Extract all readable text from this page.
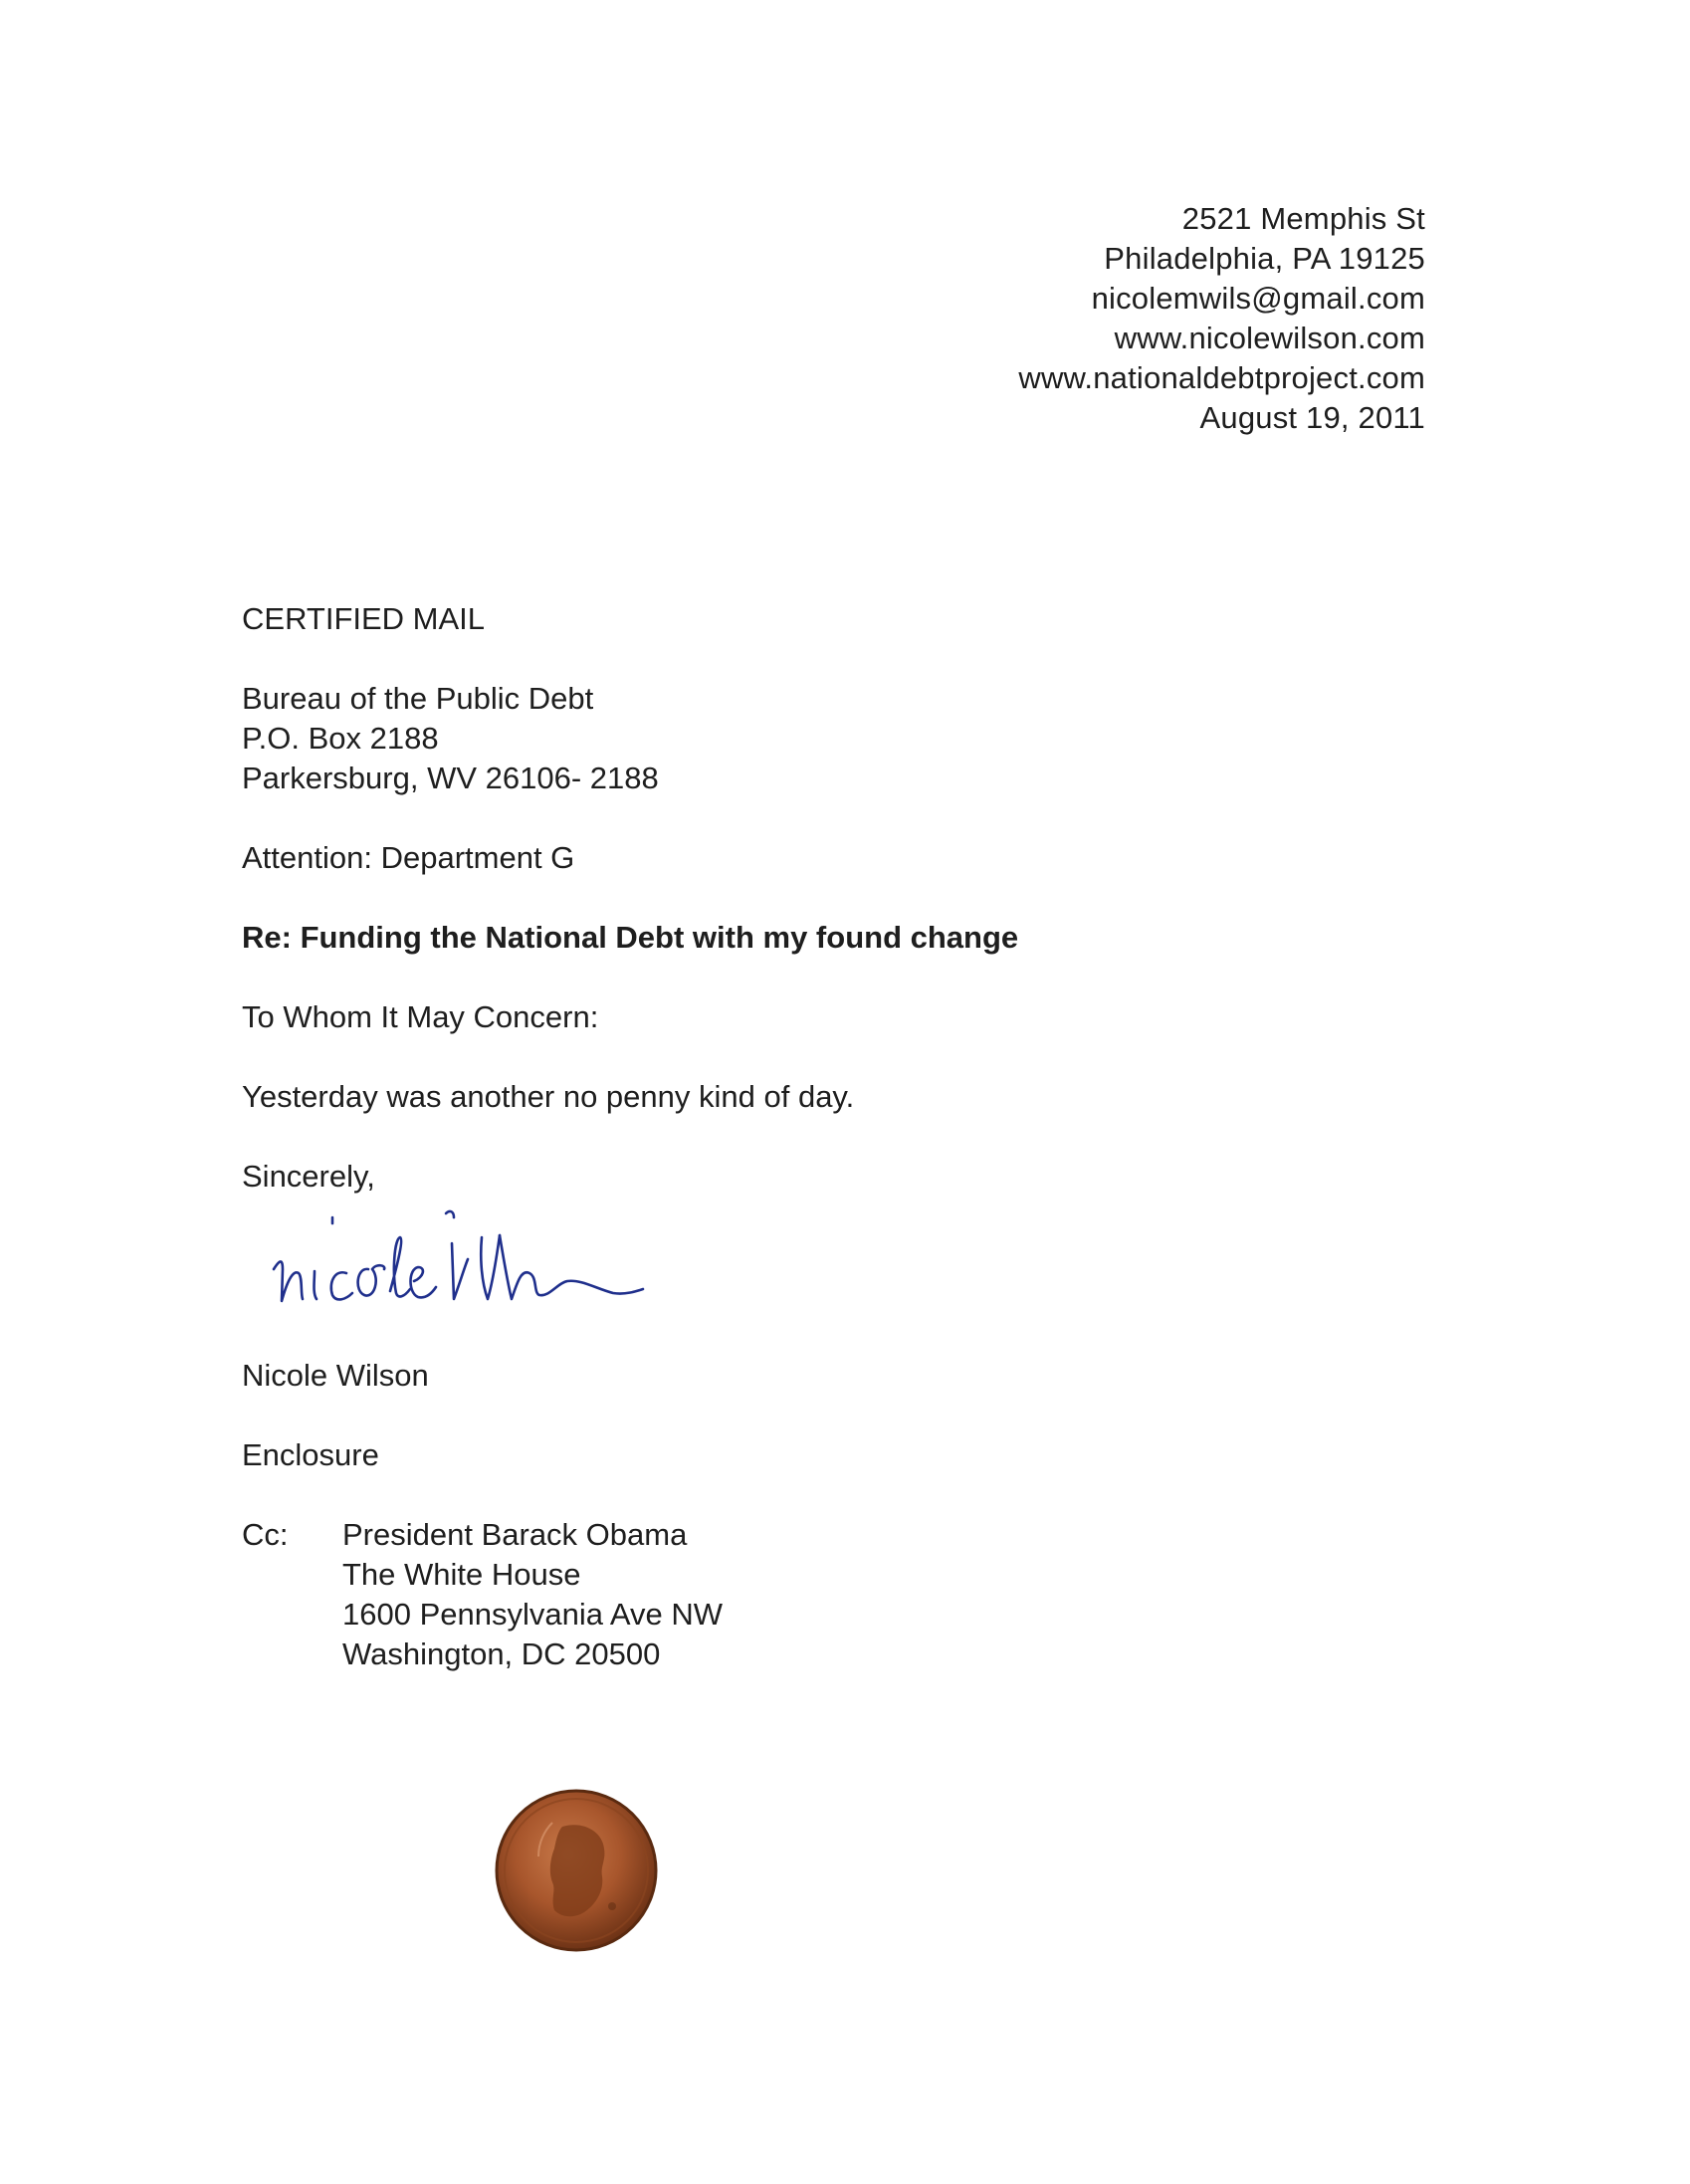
2521 Memphis St
Philadelphia, PA 19125
nicolemwils@gmail.com
www.nicolewilson.com
www.nationaldebtproject.com
August 19, 2011
CERTIFIED MAIL
Bureau of the Public Debt
P.O. Box 2188
Parkersburg, WV 26106- 2188
Attention: Department G
Re: Funding the National Debt with my found change
To Whom It May Concern:
Yesterday was another no penny kind of day.
Sincerely,
Nicole Wilson
Enclosure
Cc: President Barack Obama
The White House
1600 Pennsylvania Ave NW
Washington, DC 20500
